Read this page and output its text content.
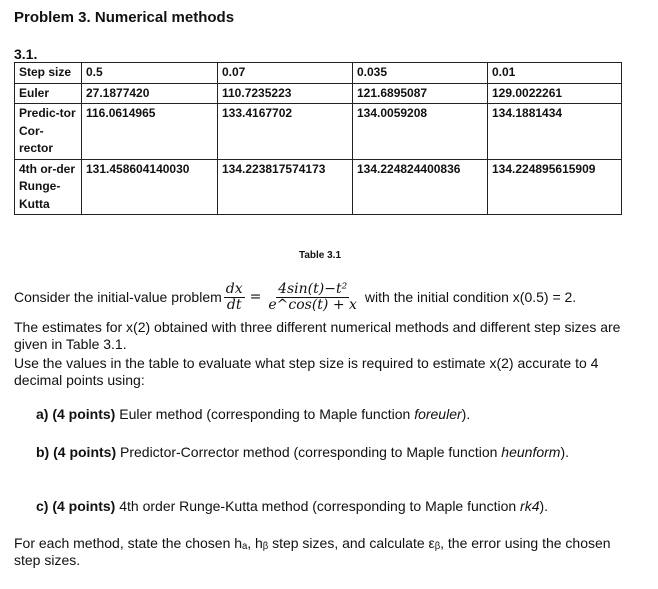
Problem 3. Numerical methods
3.1.
Step size	0.5	0.07	0.035	0.01
Euler	27.1877420	110.7235223	121.6895087	129.0022261
Predic-tor Cor-rector	116.0614965	133.4167702	134.0059208	134.1881434
4th or-der Runge-Kutta	131.458604140030	134.223817574173	134.224824400836	134.224895615909
Table 3.1
Consider the initial-value problem $\frac{dx}{dt} = \frac{\text{4sin(t)−t²}}{e\^{}\cos(t) + x}$ with the initial condition x(0.5) = 2.
The estimates for x(2) obtained with three different numerical methods and different step sizes are given in Table 3.1.
Use the values in the table to evaluate what step size is required to estimate x(2) accurate to 4 decimal points using:
a) (4 points) Euler method (corresponding to Maple function foreuler).
b) (4 points) Predictor-Corrector method (corresponding to Maple function heunform).
c) (4 points) 4th order Runge-Kutta method (corresponding to Maple function rk4).
For each method, state the chosen hₐ, hᵦ step sizes, and calculate εᵦ, the error using the chosen step sizes.
